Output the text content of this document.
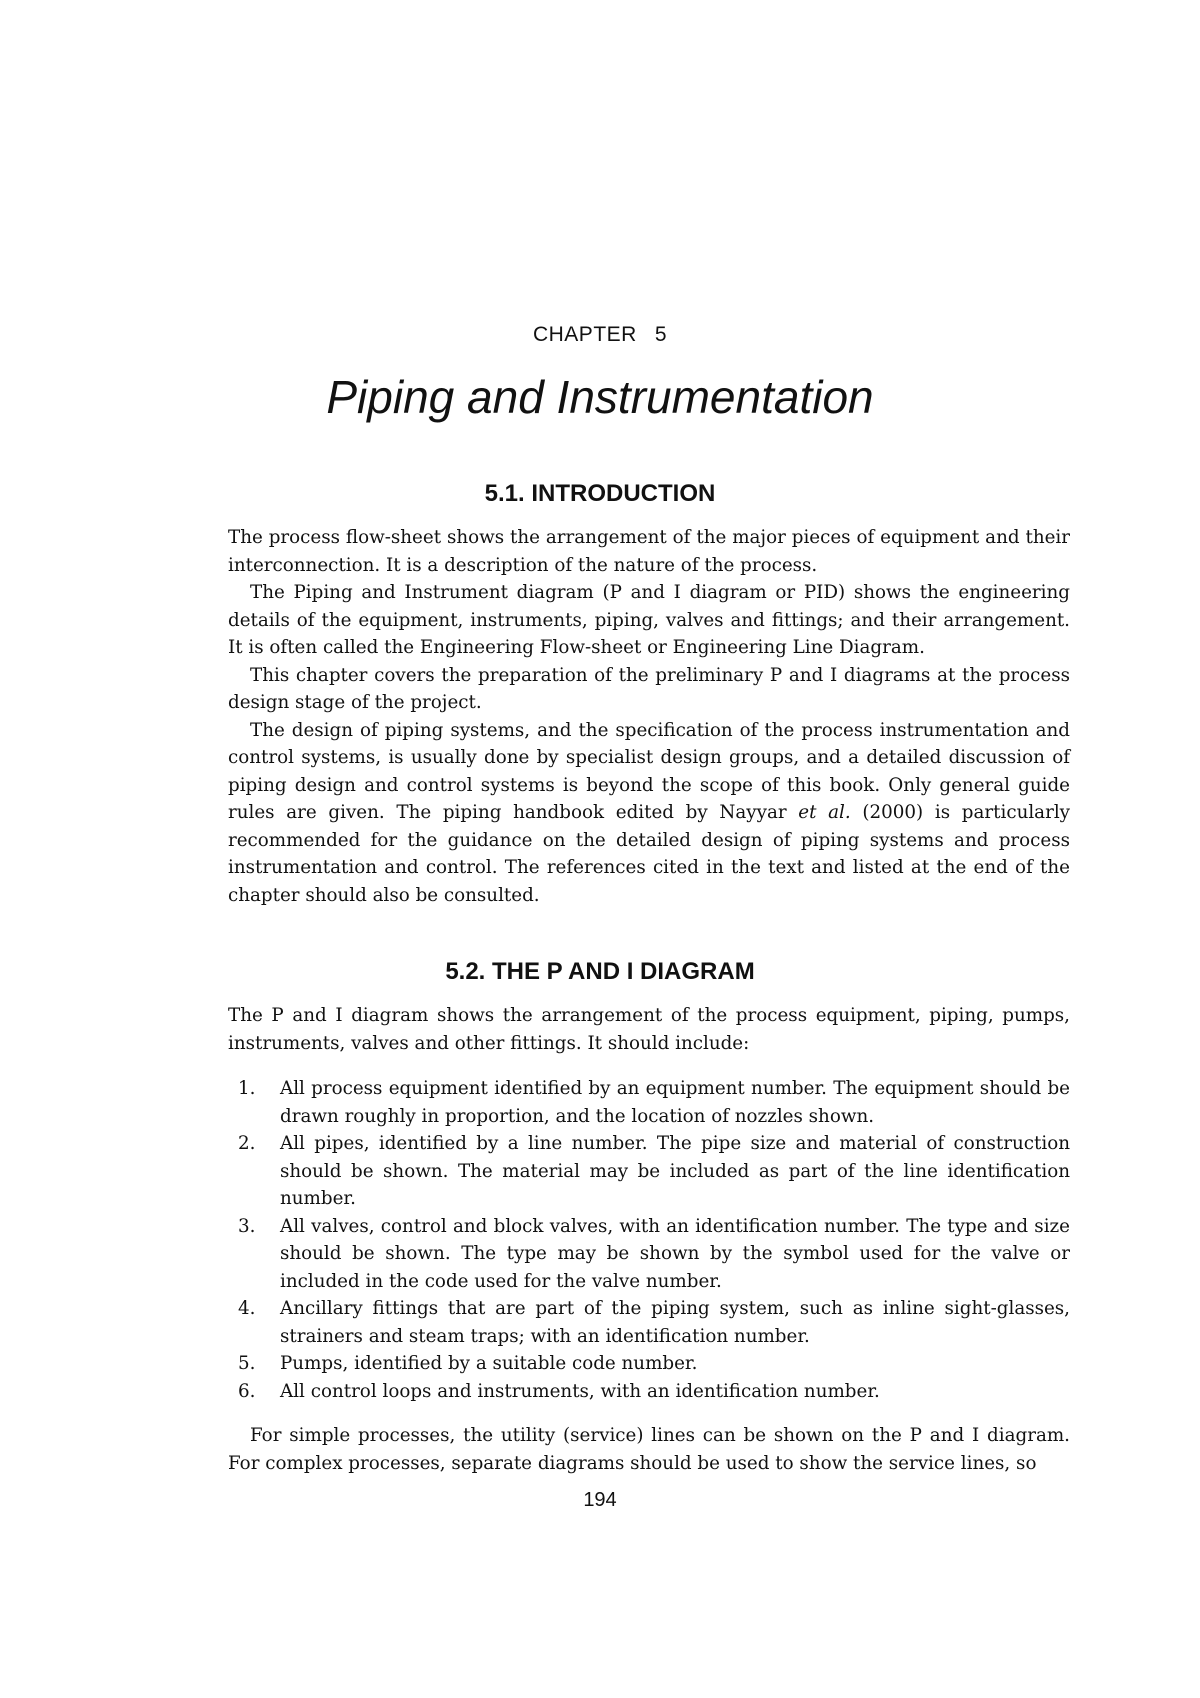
CHAPTER 5
Piping and Instrumentation
5.1. INTRODUCTION

The process flow-sheet shows the arrangement of the major pieces of equipment and their interconnection. It is a description of the nature of the process.

The Piping and Instrument diagram (P and I diagram or PID) shows the engineering details of the equipment, instruments, piping, valves and fittings; and their arrangement. It is often called the Engineering Flow-sheet or Engineering Line Diagram.

This chapter covers the preparation of the preliminary P and I diagrams at the process design stage of the project.

The design of piping systems, and the specification of the process instrumentation and control systems, is usually done by specialist design groups, and a detailed discussion of piping design and control systems is beyond the scope of this book. Only general guide rules are given. The piping handbook edited by Nayyar et al. (2000) is particularly recommended for the guidance on the detailed design of piping systems and process instrumentation and control. The references cited in the text and listed at the end of the chapter should also be consulted.

5.2. THE P AND I DIAGRAM

The P and I diagram shows the arrangement of the process equipment, piping, pumps, instruments, valves and other fittings. It should include:

1. All process equipment identified by an equipment number. The equipment should be drawn roughly in proportion, and the location of nozzles shown.
2. All pipes, identified by a line number. The pipe size and material of construction should be shown. The material may be included as part of the line identification number.
3. All valves, control and block valves, with an identification number. The type and size should be shown. The type may be shown by the symbol used for the valve or included in the code used for the valve number.
4. Ancillary fittings that are part of the piping system, such as inline sight-glasses, strainers and steam traps; with an identification number.
5. Pumps, identified by a suitable code number.
6. All control loops and instruments, with an identification number.

For simple processes, the utility (service) lines can be shown on the P and I diagram. For complex processes, separate diagrams should be used to show the service lines, so

194
